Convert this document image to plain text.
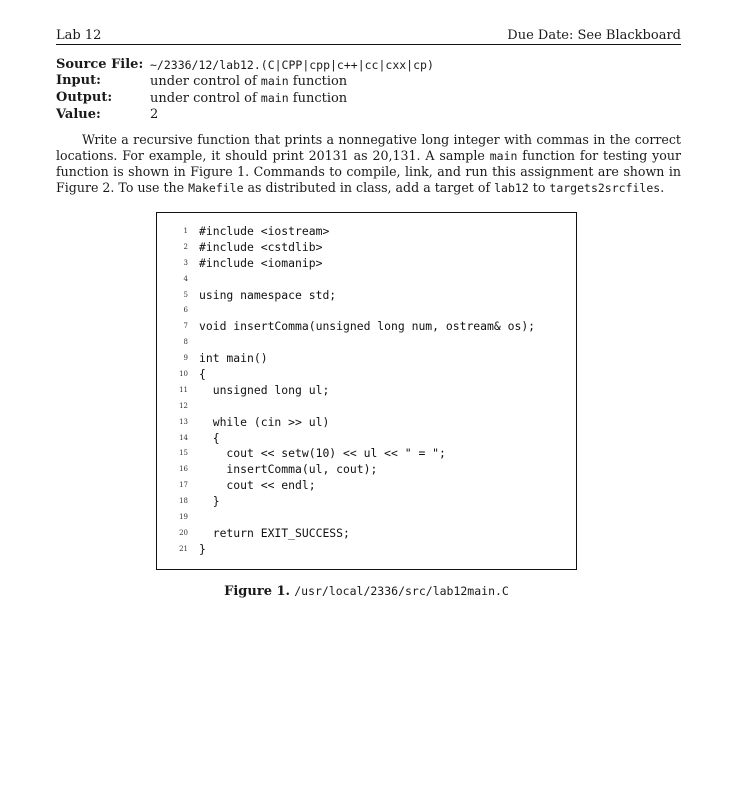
Lab 12	Due Date: See Blackboard
Source File: ~/2336/12/lab12.(C|CPP|cpp|c++|cc|cxx|cp)
Input:	under control of main function
Output:	under control of main function
Value:	2

Write a recursive function that prints a nonnegative long integer with commas in the correct locations. For example, it should print 20131 as 20,131. A sample main function for testing your function is shown in Figure 1. Commands to compile, link, and run this assignment are shown in Figure 2. To use the Makefile as distributed in class, add a target of lab12 to targets2srcfiles.

1 #include <iostream>
2 #include <cstdlib>
3 #include <iomanip>
4
5 using namespace std;
6
7 void insertComma(unsigned long num, ostream& os);
8
9 int main()
10 {
11 unsigned long ul;
12
13 while (cin >> ul)
14 {
15 cout << setw(10) << ul << " = ";
16 insertComma(ul, cout);
17 cout << endl;
18 }
19
20 return EXIT_SUCCESS;
21 }
Figure 1. /usr/local/2336/src/lab12main.C
